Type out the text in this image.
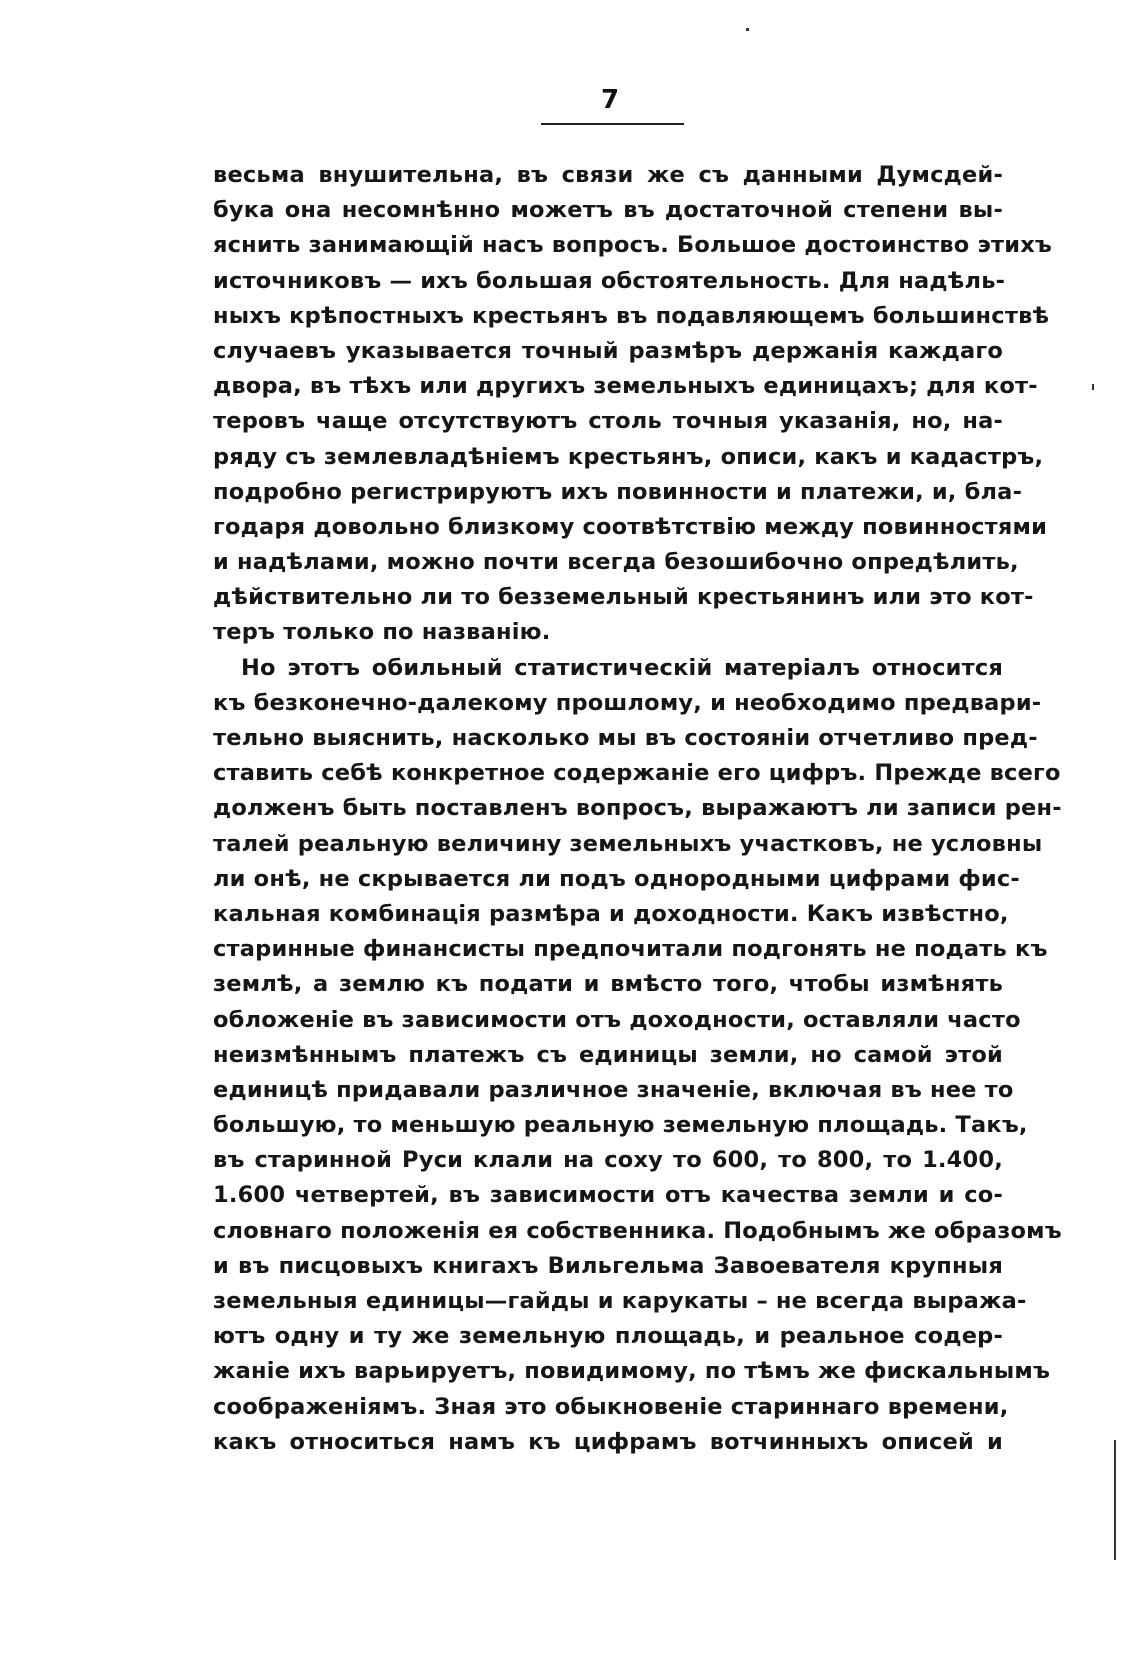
7
весьма внушительна, въ связи же съ данными Думсдей-
бука она несомнѣнно можетъ въ достаточной степени вы-
яснить занимающій насъ вопросъ. Большое достоинство этихъ
источниковъ — ихъ большая обстоятельность. Для надѣль-
ныхъ крѣпостныхъ крестьянъ въ подавляющемъ большинствѣ
случаевъ указывается точный размѣръ держанія каждаго
двора, въ тѣхъ или другихъ земельныхъ единицахъ; для кот-
теровъ чаще отсутствуютъ столь точныя указанія, но, на-
ряду съ землевладѣніемъ крестьянъ, описи, какъ и кадастръ,
подробно регистрируютъ ихъ повинности и платежи, и, бла-
годаря довольно близкому соотвѣтствію между повинностями
и надѣлами, можно почти всегда безошибочно опредѣлить,
дѣйствительно ли то безземельный крестьянинъ или это кот-
теръ только по названію.
Но этотъ обильный статистическій матеріалъ относится
къ безконечно-далекому прошлому, и необходимо предвари-
тельно выяснить, насколько мы въ состояніи отчетливо пред-
ставить себѣ конкретное содержаніе его цифръ. Прежде всего
долженъ быть поставленъ вопросъ, выражаютъ ли записи рен-
талей реальную величину земельныхъ участковъ, не условны
ли онѣ, не скрывается ли подъ однородными цифрами фис-
кальная комбинація размѣра и доходности. Какъ извѣстно,
старинные финансисты предпочитали подгонять не подать къ
землѣ, а землю къ подати и вмѣсто того, чтобы измѣнять
обложеніе въ зависимости отъ доходности, оставляли часто
неизмѣннымъ платежъ съ единицы земли, но самой этой
единицѣ придавали различное значеніе, включая въ нее то
большую, то меньшую реальную земельную площадь. Такъ,
въ старинной Руси клали на соху то 600, то 800, то 1.400,
1.600 четвертей, въ зависимости отъ качества земли и со-
словнаго положенія ея собственника. Подобнымъ же образомъ
и въ писцовыхъ книгахъ Вильгельма Завоевателя крупныя
земельныя единицы—гайды и карукаты – не всегда выража-
ютъ одну и ту же земельную площадь, и реальное содер-
жаніе ихъ варьируетъ, повидимому, по тѣмъ же фискальнымъ
соображеніямъ. Зная это обыкновеніе стариннаго времени,
какъ относиться намъ къ цифрамъ вотчинныхъ описей и
